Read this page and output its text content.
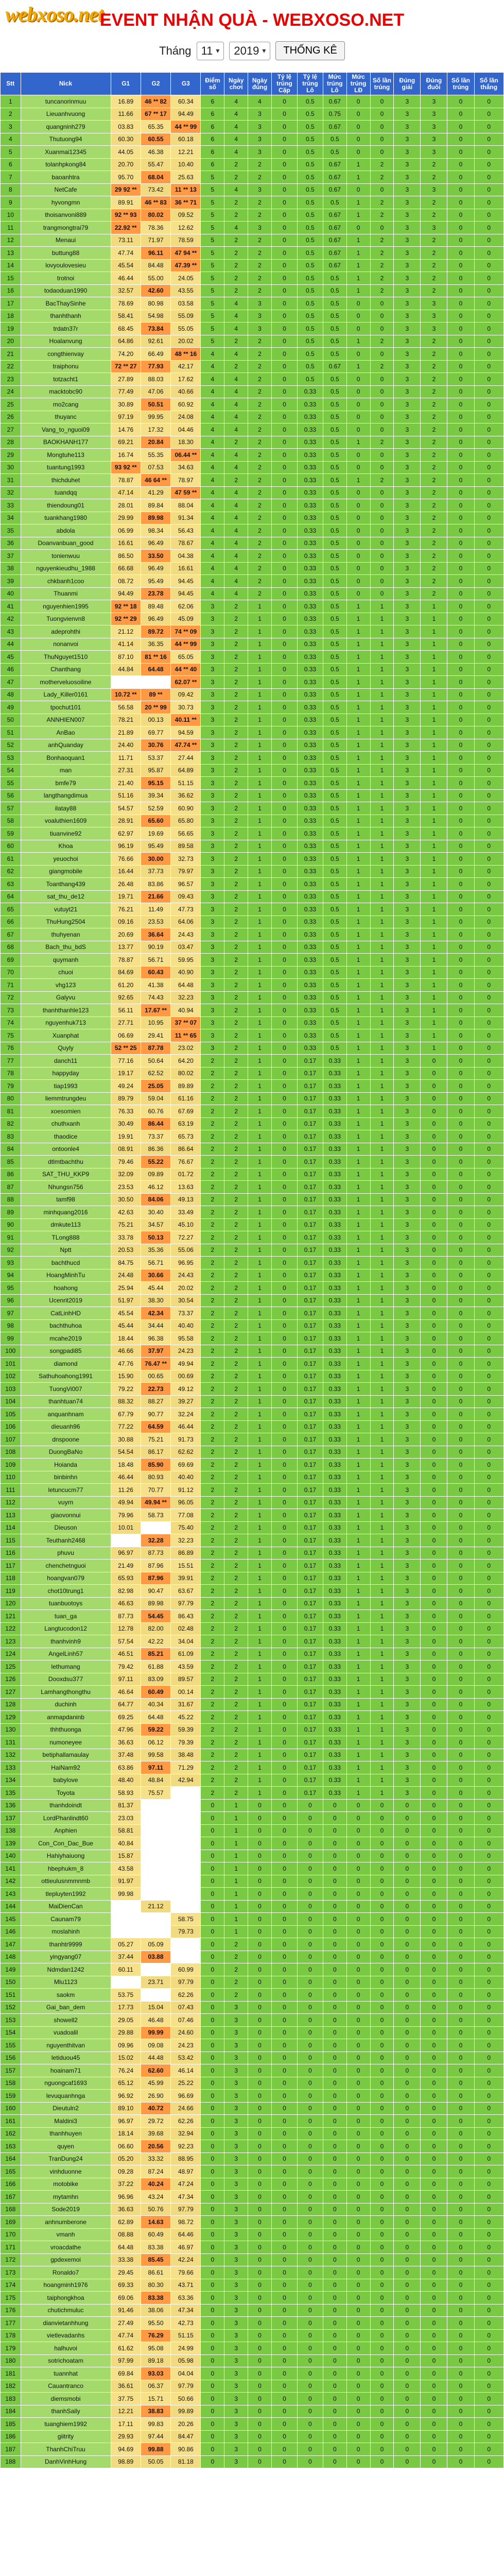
webxoso.net
EVENT NHẬN QUÀ - WEBXOSO.NET
Tháng 11 ▾ 2019 ▾	THỐNG KÊ
Stt	Nick	G1	G2	G3	Điểm số	Ngày chơi	Ngày đúng	Tỷ lệ trúng Cặp	Tỷ lệ trúng Lô	Mức trúng Lô	Mức trúng LĐ	Số lần trúng	Đúng giải	Đúng đuôi	Số lần trúng	Số lần thắng
1	tuncanorinmuu	16.89	46 ** 82	60.34	6	4	4	0	0.5	0.67	0	0	3	3	0	0
2	Lieuanhvuong	11.66	67 ** 17	94.49	6	4	3	0	0.5	0.75	0	0	3	3	0	0
3	quangninh279	03.83	65.35	44 ** 99	6	4	3	0	0.5	0.67	0	0	3	3	0	0
4	Thutuong94	60.30	60.55	60.18	6	4	3	0	0.5	0.5	0	0	3	3	0	0
5	Xuanmai12345	44.05	46.38	12.21	6	4	3	0	0.5	0.5	0	0	3	3	0	0
6	tolanhpkong84	20.70	55.47	10.40	6	2	2	0	0.5	0.67	1	2	3	2	0	0
7	baoanhtra	95.70	68.04	25.63	5	2	2	0	0.5	0.67	1	2	3	2	0	0
8	NetCafe	29 92 **	73.42	11 ** 13	5	4	3	0	0.5	0.67	0	0	3	3	0	0
9	hyvongmn	89.91	46 ** 83	36 ** 71	5	2	2	0	0.5	0.5	1	2	3	2	0	0
10	thoisanvoni889	92 ** 93	80.02	09.52	5	2	2	0	0.5	0.67	1	2	3	2	0	0
11	trangmongtrai79	22.92 **	78.36	12.62	5	4	3	0	0.5	0.67	0	0	3	3	0	0
12	Menaui	73.11	71.97	78.59	5	2	2	0	0.5	0.67	1	2	3	2	0	0
13	buttung88	47.74	96.11	47 94 **	5	2	2	0	0.5	0.67	1	2	3	2	0	0
14	lovyoulovesieu	45.54	84.48	47.39 **	5	2	2	0	0.5	0.67	1	2	3	2	0	0
15	trotnoi	46.44	55.00	24.05	5	2	2	0	0.5	0.5	1	2	3	2	0	0
16	todaoduan1990	32.57	42.60	43.55	5	2	2	0	0.5	0.5	1	2	3	2	0	0
17	BacThaySinhe	78.69	80.98	03.58	5	4	3	0	0.5	0.5	0	0	3	3	0	0
18	thanhthanh	58.41	54.98	55.09	5	4	3	0	0.5	0.5	0	0	3	3	0	0
19	trdatn37r	68.45	73.84	55.05	5	4	3	0	0.5	0.5	0	0	3	3	0	0
20	Hoalanvung	64.86	92.61	20.02	5	2	2	0	0.5	0.5	1	2	3	2	0	0
21	congthienvay	74.20	66.49	48 ** 16	4	4	2	0	0.5	0.5	0	0	3	2	0	0
22	traiphonu	72 ** 27	77.93	42.17	4	2	2	0	0.5	0.67	1	2	3	2	0	0
23	totzacht1	27.89	88.03	17.62	4	4	2	0	0.5	0.5	0	0	3	2	0	0
24	macktobc90	77.49	47.06	40.66	4	4	2	0	0.33	0.5	0	0	3	2	0	0
25	mo2cang	30.89	50.51	60.92	4	4	2	0	0.33	0.5	0	0	3	2	0	0
26	thuyanc	97.19	99.95	24.08	4	4	2	0	0.33	0.5	0	0	3	2	0	0
27	Vang_to_nguoi09	14.76	17.32	04.46	4	4	2	0	0.33	0.5	0	0	3	2	0	0
28	BAOKHANH177	69.21	20.84	18.30	4	2	2	0	0.33	0.5	1	2	3	2	0	0
29	Mongtuhe113	16.74	55.35	06.44 **	4	4	2	0	0.33	0.5	0	0	3	2	0	0
30	tuantung1993	93 92 **	07.53	34.63	4	4	2	0	0.33	0.5	0	0	3	2	0	0
31	thichduhet	78.87	46 64 **	78.97	4	2	2	0	0.33	0.5	1	2	3	2	0	0
32	tuandqq	47.14	41.29	47 59 **	4	4	2	0	0.33	0.5	0	0	3	2	0	0
33	thiendoung01	28.01	89.84	88.04	4	4	2	0	0.33	0.5	0	0	3	2	0	0
34	tuankhang1980	29.99	89.98	91.34	4	4	2	0	0.33	0.5	0	0	3	2	0	0
35	abdola	06.99	98.34	56.43	4	4	2	0	0.33	0.5	0	0	3	2	0	0
36	Doanvanbuan_good	16.61	96.49	78.67	4	4	2	0	0.33	0.5	0	0	3	2	0	0
37	tonienwuu	86.50	33.50	04.38	4	4	2	0	0.33	0.5	0	0	3	2	0	0
38	nguyenkieudhu_1988	66.68	96.49	16.61	4	4	2	0	0.33	0.5	0	0	3	2	0	0
39	chkbanh1coo	08.72	95.49	94.45	4	4	2	0	0.33	0.5	0	0	3	2	0	0
40	Thuanmi	94.49	23.78	94.45	4	4	2	0	0.33	0.5	0	0	3	2	0	0
41	nguyenhien1995	92 ** 18	89.48	62.06	3	2	1	0	0.33	0.5	1	1	3	1	0	0
42	Tuongvienvn8	92 ** 29	96.49	45.09	3	2	1	0	0.33	0.5	1	1	3	1	0	0
43	adeprohthi	21.12	89.72	74 ** 09	3	2	1	0	0.33	0.5	1	1	3	1	0	0
44	nonanvoi	41.14	36.35	44 ** 99	3	2	1	0	0.33	0.5	1	1	3	1	0	0
45	ThuNguyet1510	87.10	81 ** 16	65.05	3	2	1	0	0.33	0.5	1	1	3	1	0	0
46	Chanthang	44.84	64.48	44 ** 40	3	2	1	0	0.33	0.5	1	1	3	1	0	0
47	motherveluosoiline			62.07 **	3	2	1	0	0.33	0.5	1	1	3	1	0	0
48	Lady_Killer0161	10.72 **	89 **	09.42	3	2	1	0	0.33	0.5	1	1	3	1	0	0
49	tpochut101	56.58	20 ** 99	30.73	3	2	1	0	0.33	0.5	1	1	3	1	0	0
50	ANNHIEN007	78.21	00.13	40.11 **	3	2	1	0	0.33	0.5	1	1	3	1	0	0
51	AnBao	21.89	69.77	94.59	3	2	1	0	0.33	0.5	1	1	3	1	0	0
52	anhQuanday	24.40	30.76	47.74 **	3	2	1	0	0.33	0.5	1	1	3	1	0	0
53	Bonhaoquan1	11.71	53.37	27.44	3	2	1	0	0.33	0.5	1	1	3	1	0	0
54	man	27.31	95.87	64.89	3	2	1	0	0.33	0.5	1	1	3	1	0	0
55	bmfe79	21.40	95.15	51.15	3	2	1	0	0.33	0.5	1	1	3	1	0	0
56	langthangdimua	51.16	39.34	36.62	3	2	1	0	0.33	0.5	1	1	3	1	0	0
57	ilatay88	54.57	52.59	60.90	3	2	1	0	0.33	0.5	1	1	3	1	0	0
58	voaluthien1609	28.91	65.60	65.80	3	2	1	0	0.33	0.5	1	1	3	1	0	0
59	tiuanvine92	62.97	19.69	56.65	3	2	1	0	0.33	0.5	1	1	3	1	0	0
60	Khoa	96.19	95.49	89.58	3	2	1	0	0.33	0.5	1	1	3	1	0	0
61	yeuochoi	76.66	30.00	32.73	3	2	1	0	0.33	0.5	1	1	3	1	0	0
62	giangmobile	16.44	37.73	79.97	3	2	1	0	0.33	0.5	1	1	3	1	0	0
63	Toanthang439	26.48	83.86	96.57	3	2	1	0	0.33	0.5	1	1	3	1	0	0
64	sat_thu_de12	19.71	21.66	09.43	3	2	1	0	0.33	0.5	1	1	3	1	0	0
65	vutuyt21	76.21	11.49	47.73	3	2	1	0	0.33	0.5	1	1	3	1	0	0
66	ThuHung2504	09.16	23.53	64.06	3	2	1	0	0.33	0.5	1	1	3	1	0	0
67	thuhyenan	20.69	36.64	24.43	3	2	1	0	0.33	0.5	1	1	3	1	0	0
68	Bach_thu_bdS	13.77	90.19	03.47	3	2	1	0	0.33	0.5	1	1	3	1	0	0
69	quymanh	78.87	56.71	59.95	3	2	1	0	0.33	0.5	1	1	3	1	0	0
70	chuoi	84.69	60.43	40.90	3	2	1	0	0.33	0.5	1	1	3	1	0	0
71	vhg123	61.20	41.38	64.48	3	2	1	0	0.33	0.5	1	1	3	1	0	0
72	Galyvu	92.65	74.43	32.23	3	2	1	0	0.33	0.5	1	1	3	1	0	0
73	thanhthanhle123	56.11	17.67 **	40.94	3	2	1	0	0.33	0.5	1	1	3	1	0	0
74	nguyenhuk713	27.71	10.95	37 ** 07	3	2	1	0	0.33	0.5	1	1	3	1	0	0
75	Xuanphat	06.69	29.41	11 ** 65	3	2	1	0	0.33	0.5	1	1	3	1	0	0
76	Quyly	52 ** 25	87.78	23.02	3	2	1	0	0.33	0.5	1	1	3	1	0	0
77	danch11	77.16	50.64	64.20	2	2	1	0	0.17	0.33	1	1	3	0	0	0
78	happyday	19.17	62.52	80.02	2	2	1	0	0.17	0.33	1	1	3	0	0	0
79	tiap1993	49.24	25.05	89.89	2	2	1	0	0.17	0.33	1	1	3	0	0	0
80	liemmtrungdeu	89.79	59.04	61.16	2	2	1	0	0.17	0.33	1	1	3	0	0	0
81	xoesomien	76.33	60.76	67.69	2	2	1	0	0.17	0.33	1	1	3	0	0	0
82	chuthxanh	30.49	86.44	63.19	2	2	1	0	0.17	0.33	1	1	3	0	0	0
83	thaodice	19.91	73.37	65.73	2	2	1	0	0.17	0.33	1	1	3	0	0	0
84	ontoonle4	08.91	86.36	86.64	2	2	1	0	0.17	0.33	1	1	3	0	0	0
85	dtlmtbachthu	79.46	55.22	76.67	2	2	1	0	0.17	0.33	1	1	3	0	0	0
86	SAT_THU_KKP9	32.09	09.89	01.72	2	2	1	0	0.17	0.33	1	1	3	0	0	0
87	Nhungsn756	23.53	46.12	13.63	2	2	1	0	0.17	0.33	1	1	3	0	0	0
88	tamf98	30.50	84.06	49.13	2	2	1	0	0.17	0.33	1	1	3	0	0	0
89	minhquang2016	42.63	30.40	33.49	2	2	1	0	0.17	0.33	1	1	3	0	0	0
90	dmkute113	75.21	34.57	45.10	2	2	1	0	0.17	0.33	1	1	3	0	0	0
91	TLong888	33.78	50.13	72.27	2	2	1	0	0.17	0.33	1	1	3	0	0	0
92	Nptt	20.53	35.36	55.06	2	2	1	0	0.17	0.33	1	1	3	0	0	0
93	bachthucd	84.75	56.71	96.95	2	2	1	0	0.17	0.33	1	1	3	0	0	0
94	HoangMinhTu	24.48	30.66	24.43	2	2	1	0	0.17	0.33	1	1	3	0	0	0
95	hoahong	25.94	45.44	20.02	2	2	1	0	0.17	0.33	1	1	3	0	0	0
96	Ucenrit2019	51.97	38.30	30.54	2	2	1	0	0.17	0.33	1	1	3	0	0	0
97	CatLinhHD	45.54	42.34	73.37	2	2	1	0	0.17	0.33	1	1	3	0	0	0
98	bachthuhoa	45.44	34.44	40.40	2	2	1	0	0.17	0.33	1	1	3	0	0	0
99	mcahe2019	18.44	96.38	95.58	2	2	1	0	0.17	0.33	1	1	3	0	0	0
100	songpadi85	46.66	37.97	24.23	2	2	1	0	0.17	0.33	1	1	3	0	0	0
101	diamond	47.76	76.47 **	49.94	2	2	1	0	0.17	0.33	1	1	3	0	0	0
102	Sathuhoahong1991	15.90	00.65	00.69	2	2	1	0	0.17	0.33	1	1	3	0	0	0
103	TuongVi007	79.22	22.73	49.12	2	2	1	0	0.17	0.33	1	1	3	0	0	0
104	thanhtuan74	88.32	88.27	39.27	2	2	1	0	0.17	0.33	1	1	3	0	0	0
105	anquanhnam	67.79	90.77	32.24	2	2	1	0	0.17	0.33	1	1	3	0	0	0
106	dieuanh96	77.22	64.59	46.44	2	2	1	0	0.17	0.33	1	1	3	0	0	0
107	dnspoone	30.88	75.21	91.73	2	2	1	0	0.17	0.33	1	1	3	0	0	0
108	DuongBaNo	54.54	86.17	62.62	2	2	1	0	0.17	0.33	1	1	3	0	0	0
109	Hoianda	18.48	85.90	69.69	2	2	1	0	0.17	0.33	1	1	3	0	0	0
110	binbinhn	46.44	80.93	40.40	2	2	1	0	0.17	0.33	1	1	3	0	0	0
111	letuncucm77	11.26	70.77	91.12	2	2	1	0	0.17	0.33	1	1	3	0	0	0
112	vuyrn	49.94	49.94 **	96.05	2	2	1	0	0.17	0.33	1	1	3	0	0	0
113	giaovonnui	79.96	58.73	77.08	2	2	1	0	0.17	0.33	1	1	3	0	0	0
114	Dieuson	10.01		75.40	2	2	1	0	0.17	0.33	1	1	3	0	0	0
115	Teuthanh2468		32.28	32.23	2	2	1	0	0.17	0.33	1	1	3	0	0	0
116	phuvu	96.97	87.73	86.89	2	2	1	0	0.17	0.33	1	1	3	0	0	0
117	chenchetnguoi	21.49	87.96	15.51	2	2	1	0	0.17	0.33	1	1	3	0	0	0
118	hoangvan079	65.93	87.96	39.91	2	2	1	0	0.17	0.33	1	1	3	0	0	0
119	chot10trung1	82.98	90.47	63.67	2	2	1	0	0.17	0.33	1	1	3	0	0	0
120	tuanbuotoys	46.63	89.98	97.79	2	2	1	0	0.17	0.33	1	1	3	0	0	0
121	tuan_ga	87.73	54.45	86.43	2	2	1	0	0.17	0.33	1	1	3	0	0	0
122	Langtucodon12	12.78	82.00	02.48	2	2	1	0	0.17	0.33	1	1	3	0	0	0
123	thanhvinh9	57.54	42.22	34.04	2	2	1	0	0.17	0.33	1	1	3	0	0	0
124	AngelLinh57	46.51	85.21	61.09	2	2	1	0	0.17	0.33	1	1	3	0	0	0
125	lethumang	79.42	61.88	43.59	2	2	1	0	0.17	0.33	1	1	3	0	0	0
126	Dooxdsu377	97.11	83.09	89.57	2	2	1	0	0.17	0.33	1	1	3	0	0	0
127	Lamhangthongthu	46.64	60.49	00.14	2	2	1	0	0.17	0.33	1	1	3	0	0	0
128	duchinh	64.77	40.34	31.67	2	2	1	0	0.17	0.33	1	1	3	0	0	0
129	anmapdaninb	69.25	64.48	45.22	2	2	1	0	0.17	0.33	1	1	3	0	0	0
130	thhthuonga	47.96	59.22	59.39	2	2	1	0	0.17	0.33	1	1	3	0	0	0
131	numoneyee	36.63	06.12	79.39	2	2	1	0	0.17	0.33	1	1	3	0	0	0
132	betiphallamaulay	37.48	99.58	38.48	2	2	1	0	0.17	0.33	1	1	3	0	0	0
133	HaiNam92	63.86	97.11	71.29	2	2	1	0	0.17	0.33	1	1	3	0	0	0
134	babylove	48.40	48.84	42.94	2	2	1	0	0.17	0.33	1	1	3	0	0	0
135	Toyota	58.93	75.57		2	2	1	0	0.17	0.33	1	1	3	0	0	0
136	thanhdoindt	81.37			0	1	0	0	0	0	0	0	0	0	0	0
137	LordPhanlindt60	23.03			0	1	0	0	0	0	0	0	0	0	0	0
138	Anphien	58.81			0	1	0	0	0	0	0	0	0	0	0	0
139	Con_Con_Dac_Bue	40.84			0	1	0	0	0	0	0	0	0	0	0	0
140	Hahiyhaiuong	15.87			0	1	0	0	0	0	0	0	0	0	0	0
141	hbephukm_8	43.58			0	1	0	0	0	0	0	0	0	0	0	0
142	ottieulusnmmnmb	91.97			0	1	0	0	0	0	0	0	0	0	0	0
143	tlepluyten1992	99.98			0	1	0	0	0	0	0	0	0	0	0	0
144	MaiDienCan		21.12		0	1	0	0	0	0	0	0	0	0	0	0
145	Caunam79			58.75	0	1	0	0	0	0	0	0	0	0	0	0
146	moslahinh			79.73	0	1	0	0	0	0	0	0	0	0	0	0
147	thanhtr9999	05.27	05.09		0	2	0	0	0	0	0	0	0	0	0	0
148	yingyang07	37.44	03.88		0	2	0	0	0	0	0	0	0	0	0	0
149	Ndmdan1242	60.11		60.99	0	2	0	0	0	0	0	0	0	0	0	0
150	Mlu1123		23.71	97.79	0	2	0	0	0	0	0	0	0	0	0	0
151	saokm	53.75		62.26	0	2	0	0	0	0	0	0	0	0	0	0
152	Gai_ban_dem	17.73	15.04	07.43	0	3	0	0	0	0	0	0	0	0	0	0
153	showell2	29.05	46.48	07.46	0	3	0	0	0	0	0	0	0	0	0	0
154	vuadoalil	29.88	99.99	24.60	0	3	0	0	0	0	0	0	0	0	0	0
155	nguyenthitvan	09.96	09.08	24.23	0	3	0	0	0	0	0	0	0	0	0	0
156	letiduou45	15.02	44.48	53.42	0	3	0	0	0	0	0	0	0	0	0	0
157	hoainam71	76.24	62.60	46.14	0	3	0	0	0	0	0	0	0	0	0	0
158	nguongcaf1693	65.12	45.99	25.22	0	3	0	0	0	0	0	0	0	0	0	0
159	levuquanhnga	96.92	26.90	96.69	0	3	0	0	0	0	0	0	0	0	0	0
160	Dieutuln2	89.10	40.72	24.66	0	3	0	0	0	0	0	0	0	0	0	0
161	Maldini3	96.97	29.72	62.26	0	3	0	0	0	0	0	0	0	0	0	0
162	thanhhuyen	18.14	39.68	32.94	0	3	0	0	0	0	0	0	0	0	0	0
163	quyen	06.60	20.56	92.23	0	3	0	0	0	0	0	0	0	0	0	0
164	TranDung24	05.20	33.32	88.95	0	3	0	0	0	0	0	0	0	0	0	0
165	vinhduonne	09.28	87.24	48.97	0	3	0	0	0	0	0	0	0	0	0	0
166	motobike	37.22	40.24	47.24	0	3	0	0	0	0	0	0	0	0	0	0
167	mytamhn	96.96	43.24	47.34	0	3	0	0	0	0	0	0	0	0	0	0
168	Sode2019	36.63	50.76	97.79	0	3	0	0	0	0	0	0	0	0	0	0
169	anhnumberone	62.89	14.63	98.72	0	3	0	0	0	0	0	0	0	0	0	0
170	vmanh	08.88	60.49	64.46	0	3	0	0	0	0	0	0	0	0	0	0
171	vroacdathe	64.48	83.38	46.97	0	3	0	0	0	0	0	0	0	0	0	0
172	gpdexemoi	33.38	85.45	42.24	0	3	0	0	0	0	0	0	0	0	0	0
173	Ronaldo7	29.45	86.61	79.66	0	3	0	0	0	0	0	0	0	0	0	0
174	hoangminh1976	69.33	80.30	43.71	0	3	0	0	0	0	0	0	0	0	0	0
175	taiphongkhoa	69.06	83.38	63.36	0	3	0	0	0	0	0	0	0	0	0	0
176	chutichmuluc	91.46	38.06	47.34	0	3	0	0	0	0	0	0	0	0	0	0
177	dianvietanhhung	27.49	95.50	42.73	0	3	0	0	0	0	0	0	0	0	0	0
178	vietlevadanhs	47.74	76.29	51.15	0	3	0	0	0	0	0	0	0	0	0	0
179	halhuvoi	61.62	95.08	24.99	0	3	0	0	0	0	0	0	0	0	0	0
180	sotrichoatam	97.99	89.18	05.98	0	3	0	0	0	0	0	0	0	0	0	0
181	tuannhat	69.84	93.03	04.04	0	3	0	0	0	0	0	0	0	0	0	0
182	Cauantranco	36.61	06.37	97.79	0	3	0	0	0	0	0	0	0	0	0	0
183	diemsmobi	37.75	15.71	50.66	0	3	0	0	0	0	0	0	0	0	0	0
184	thanhSaily	12.21	38.83	99.89	0	3	0	0	0	0	0	0	0	0	0	0
185	tuanghiem1992	17.11	99.83	20.26	0	3	0	0	0	0	0	0	0	0	0	0
186	giitrity	29.93	97.44	84.47	0	3	0	0	0	0	0	0	0	0	0	0
187	ThanhChiTruu	94.69	99.88	90.86	0	3	0	0	0	0	0	0	0	0	0	0
188	DanhVinhHung	98.89	50.05	81.18	0	3	0	0	0	0	0	0	0	0	0	0
